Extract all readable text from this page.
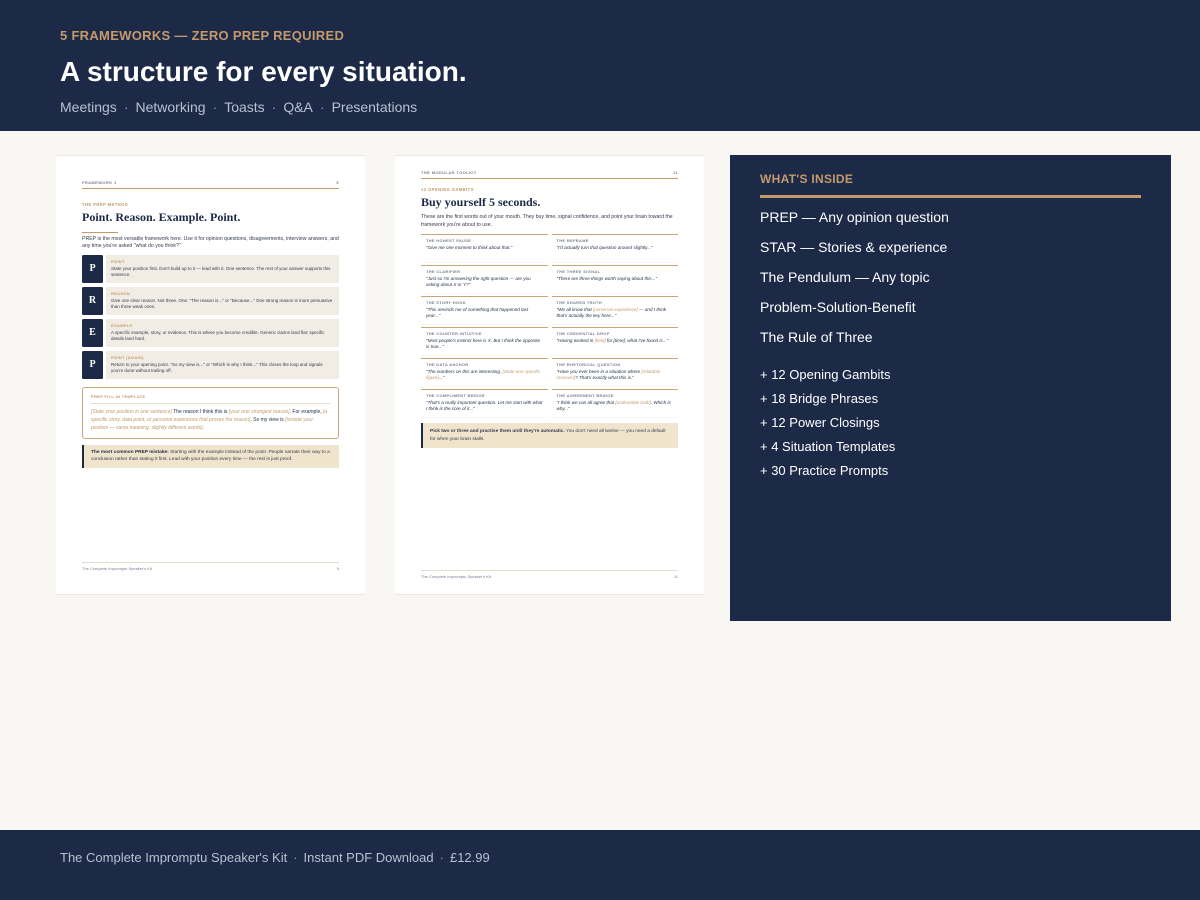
5 FRAMEWORKS — ZERO PREP REQUIRED
A structure for every situation.
Meetings · Networking · Toasts · Q&A · Presentations
FRAMEWORK 1	5
THE PREP METHOD
Point. Reason. Example. Point.

PREP is the most versatile framework here. Use it for opinion questions, disagreements, interview answers, and any time you're asked "what do you think?"

P
POINT
State your position first. Don't build up to it — lead with it. One sentence. The rest of your answer supports this sentence.
R
REASON
Give one clear reason. Not three. One. "The reason is..." or "Because..." One strong reason is more persuasive than three weak ones.
E
EXAMPLE
A specific example, story, or evidence. This is where you become credible. Generic claims land flat; specific details land hard.
P
POINT (AGAIN)
Return to your opening point. "So my view is..." or "Which is why I think..." This closes the loop and signals you're done without trailing off.
PREP FILL-IN TEMPLATE
[State your position in one sentence] The reason I think this is [your one strongest reason]. For example, [a specific story, data point, or personal experience that proves the reason]. So my view is [restate your position — same meaning, slightly different words].
The most common PREP mistake: Starting with the example instead of the point. People narrate their way to a conclusion rather than stating it first. Lead with your position every time — the rest is just proof.
The Complete Impromptu Speaker's Kit	5
THE MODULAR TOOLKIT	11
12 OPENING GAMBITS
Buy yourself 5 seconds.

These are the first words out of your mouth. They buy time, signal confidence, and point your brain toward the framework you're about to use.

THE HONEST PAUSE
"Give me one moment to think about that."
THE REFRAME
"I'd actually turn that question around slightly..."
THE CLARIFIER
"Just so I'm answering the right question — are you asking about X or Y?"
THE THREE SIGNAL
"There are three things worth saying about this..."
THE STORY HOOK
"This reminds me of something that happened last year..."
THE SHARED TRUTH
"We all know that [universal experience] — and I think that's actually the key here..."
THE COUNTER-INTUITIVE
"Most people's instinct here is X. But I think the opposite is true..."
THE CREDENTIAL DROP
"Having worked in [field] for [time], what I've found is..."
THE DATA ANCHOR
"The numbers on this are interesting. [State one specific figure]..."
THE RHETORICAL QUESTION
"Have you ever been in a situation where [relatable scenario]? That's exactly what this is."
THE COMPLIMENT BRIDGE
"That's a really important question. Let me start with what I think is the core of it..."
THE AGREEMENT BRIDGE
"I think we can all agree that [undeniable truth]. Which is why..."
Pick two or three and practise them until they're automatic. You don't need all twelve — you need a default for when your brain stalls.
The Complete Impromptu Speaker's Kit	11
WHAT'S INSIDE
PREP — Any opinion question
STAR — Stories & experience
The Pendulum — Any topic
Problem-Solution-Benefit
The Rule of Three
+ 12 Opening Gambits
+ 18 Bridge Phrases
+ 12 Power Closings
+ 4 Situation Templates
+ 30 Practice Prompts
The Complete Impromptu Speaker's Kit · Instant PDF Download · £12.99
